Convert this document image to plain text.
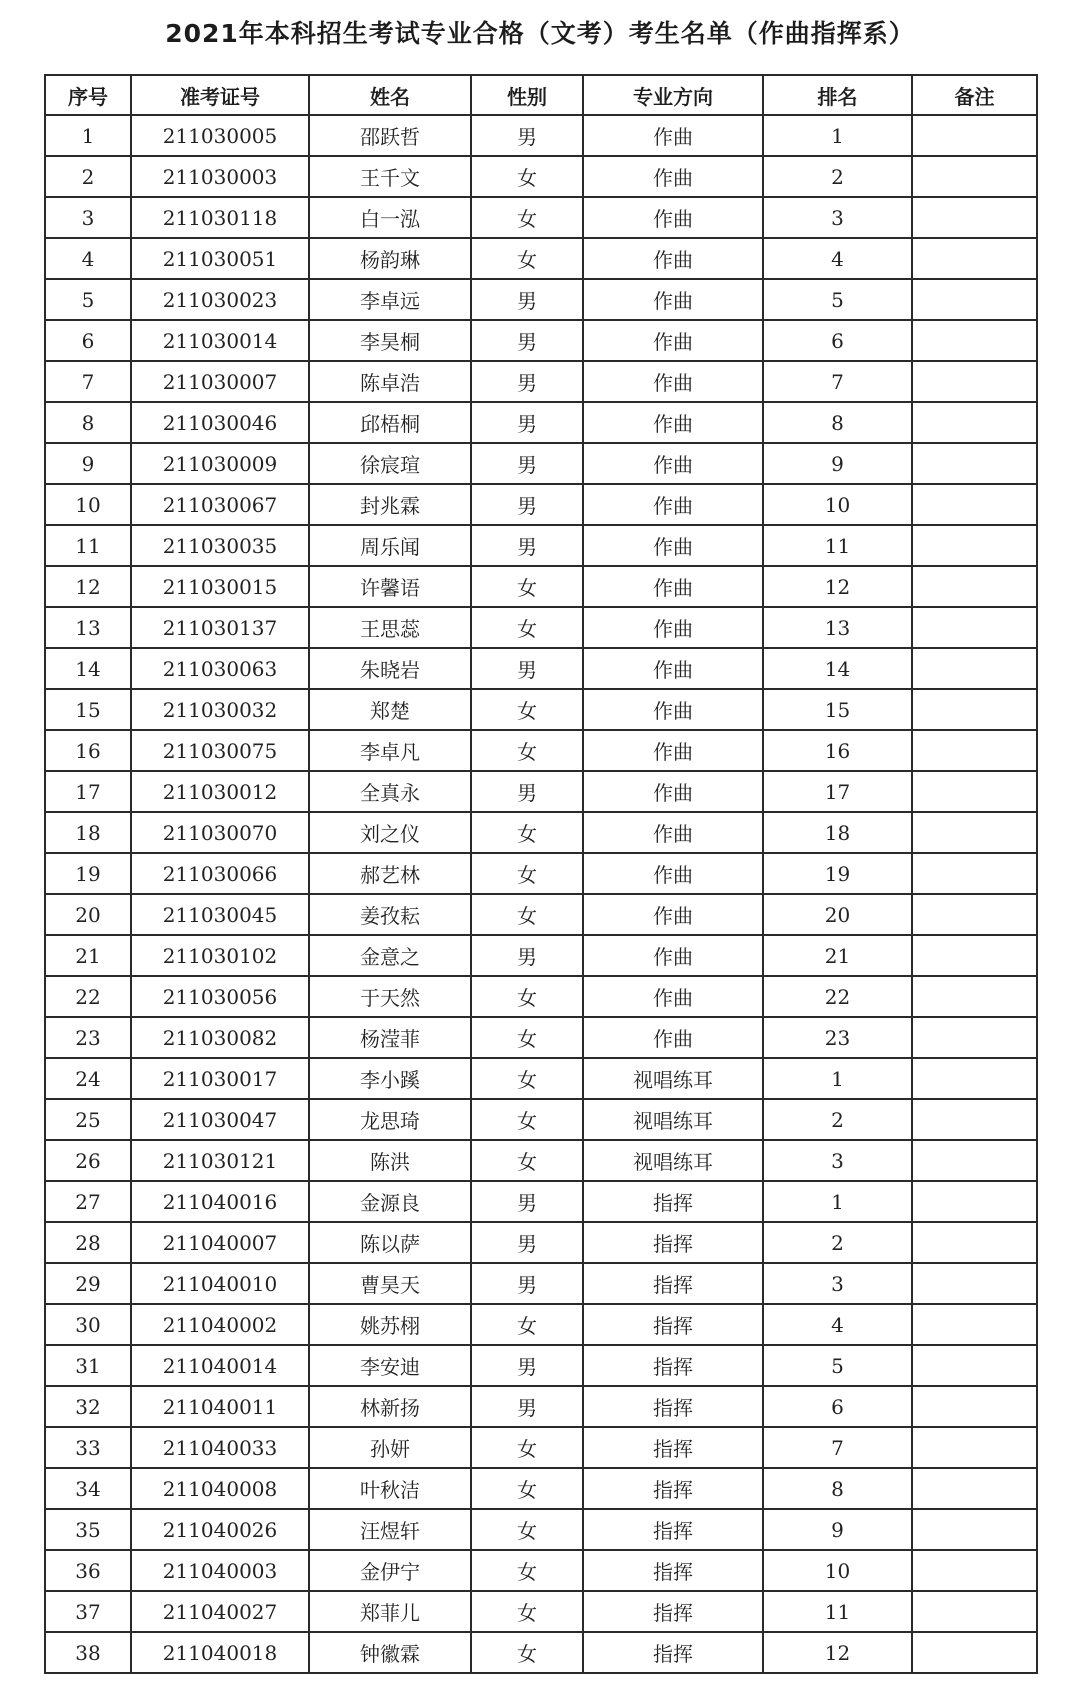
2021年本科招生考试专业合格（文考）考生名单（作曲指挥系）
序号	准考证号	姓名	性别	专业方向	排名	备注
1	211030005	邵跃哲	男	作曲	1	
2	211030003	王千文	女	作曲	2	
3	211030118	白一泓	女	作曲	3	
4	211030051	杨韵琳	女	作曲	4	
5	211030023	李卓远	男	作曲	5	
6	211030014	李昊桐	男	作曲	6	
7	211030007	陈卓浩	男	作曲	7	
8	211030046	邱梧桐	男	作曲	8	
9	211030009	徐宸瑄	男	作曲	9	
10	211030067	封兆霖	男	作曲	10	
11	211030035	周乐闻	男	作曲	11	
12	211030015	许馨语	女	作曲	12	
13	211030137	王思蕊	女	作曲	13	
14	211030063	朱晓岩	男	作曲	14	
15	211030032	郑楚	女	作曲	15	
16	211030075	李卓凡	女	作曲	16	
17	211030012	全真永	男	作曲	17	
18	211030070	刘之仪	女	作曲	18	
19	211030066	郝艺林	女	作曲	19	
20	211030045	姜孜耘	女	作曲	20	
21	211030102	金意之	男	作曲	21	
22	211030056	于天然	女	作曲	22	
23	211030082	杨滢菲	女	作曲	23	
24	211030017	李小蹊	女	视唱练耳	1	
25	211030047	龙思琦	女	视唱练耳	2	
26	211030121	陈洪	女	视唱练耳	3	
27	211040016	金源良	男	指挥	1	
28	211040007	陈以萨	男	指挥	2	
29	211040010	曹昊天	男	指挥	3	
30	211040002	姚苏栩	女	指挥	4	
31	211040014	李安迪	男	指挥	5	
32	211040011	林新扬	男	指挥	6	
33	211040033	孙妍	女	指挥	7	
34	211040008	叶秋洁	女	指挥	8	
35	211040026	汪煜轩	女	指挥	9	
36	211040003	金伊宁	女	指挥	10	
37	211040027	郑菲儿	女	指挥	11	
38	211040018	钟徽霖	女	指挥	12	
